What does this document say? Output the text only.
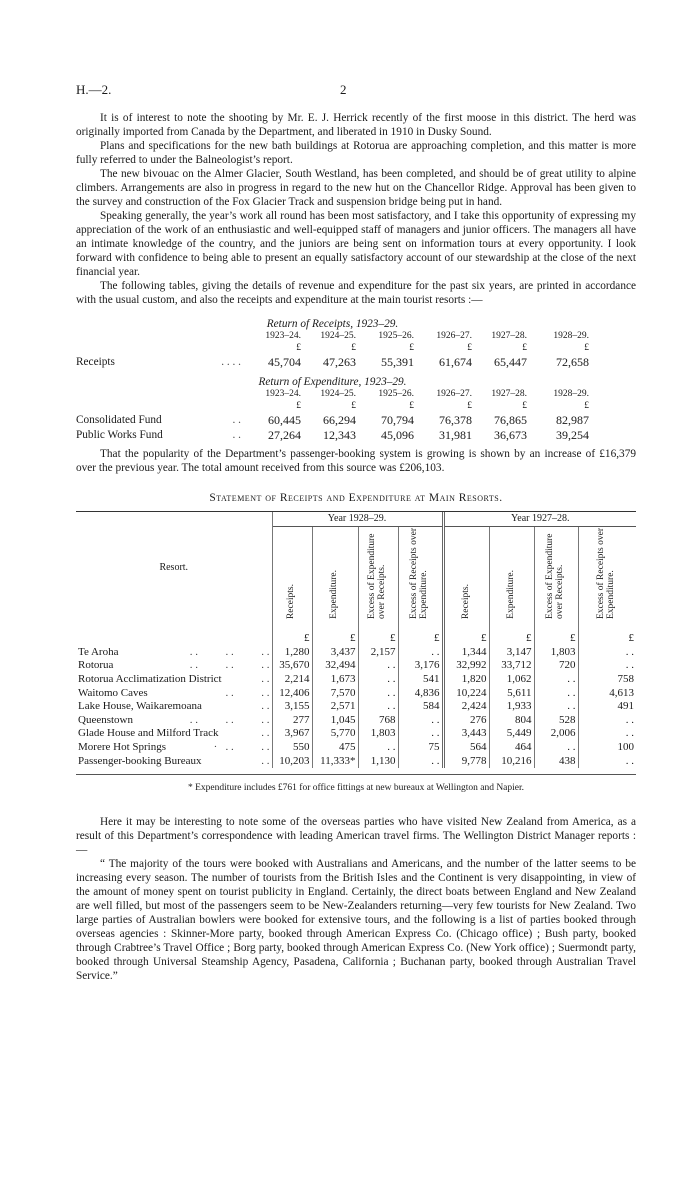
H.—2.	2

It is of interest to note the shooting by Mr. E. J. Herrick recently of the first moose in this district. The herd was originally imported from Canada by the Department, and liberated in 1910 in Dusky Sound.

Plans and specifications for the new bath buildings at Rotorua are approaching completion, and this matter is more fully referred to under the Balneologist’s report.

The new bivouac on the Almer Glacier, South Westland, has been completed, and should be of great utility to alpine climbers. Arrangements are also in progress in regard to the new hut on the Chancellor Ridge. Approval has been given to the survey and construction of the Fox Glacier Track and suspension bridge being put in hand.

Speaking generally, the year’s work all round has been most satisfactory, and I take this opportunity of expressing my appreciation of the work of an enthusiastic and well-equipped staff of managers and junior officers. The managers all have an intimate knowledge of the country, and the juniors are being sent on information tours at every opportunity. I look forward with confidence to being able to present an equally satisfactory account of our stewardship at the close of the next financial year.

The following tables, giving the details of revenue and expenditure for the past six years, are printed in accordance with the usual custom, and also the receipts and expenditure at the main tourist resorts :—

Return of Receipts, 1923–29.							
		1923–24.	1924–25.	1925–26.	1926–27.	1927–28.	1928–29.
		£	£	£	£	£	£
Receipts	. . . .	45,704	47,263	55,391	61,674	65,447	72,658
Return of Expenditure, 1923–29.							
		1923–24.	1924–25.	1925–26.	1926–27.	1927–28.	1928–29.
		£	£	£	£	£	£
Consolidated Fund	. .	60,445	66,294	70,794	76,378	76,865	82,987
Public Works Fund	. .	27,264	12,343	45,096	31,981	36,673	39,254

That the popularity of the Department’s passenger-booking system is growing is shown by an increase of £16,379 over the previous year. The total amount received from this source was £206,103.

Statement of Receipts and Expenditure at Main Resorts.

Resort.	Year 1928–29.				Year 1927–28.			
	Receipts.	Expenditure.	Excess of Expenditure over Receipts.	Excess of Receipts over Expenditure.	Receipts.	Expenditure.	Excess of Expenditure over Receipts.	Excess of Receipts over Expenditure.
	£	£	£	£	£	£	£	£
Te Aroha . .          . .          . .	1,280	3,437	2,157	. .	1,344	3,147	1,803	. .
Rotorua . .          . .          . .	35,670	32,494	. .	3,176	32,992	33,712	720	. .
Rotorua Acclimatization District . .	2,214	1,673	. .	541	1,820	1,062	. .	758
Waitomo Caves . .          . .	12,406	7,570	. .	4,836	10,224	5,611	. .	4,613
Lake House, Waikaremoana . .	3,155	2,571	. .	584	2,424	1,933	. .	491
Queenstown . .          . .          . .	277	1,045	768	. .	276	804	528	. .
Glade House and Milford Track . .	3,967	5,770	1,803	. .	3,443	5,449	2,006	. .
Morere Hot Springs ·   . .          . .	550	475	. .	75	564	464	. .	100
Passenger-booking Bureaux . .	10,203	11,333*	1,130	. .	9,778	10,216	438	. .

* Expenditure includes £761 for office fittings at new bureaux at Wellington and Napier.

Here it may be interesting to note some of the overseas parties who have visited New Zealand from America, as a result of this Department’s correspondence with leading American travel firms. The Wellington District Manager reports :—

“ The majority of the tours were booked with Australians and Americans, and the number of the latter seems to be increasing every season. The number of tourists from the British Isles and the Continent is very disappointing, in view of the amount of money spent on tourist publicity in England. Certainly, the direct boats between England and New Zealand are well filled, but most of the passengers seem to be New-Zealanders returning—very few tourists for New Zealand. Two large parties of Australian bowlers were booked for extensive tours, and the following is a list of parties booked through overseas agencies : Skinner-More party, booked through American Express Co. (Chicago office) ; Bush party, booked through Crabtree’s Travel Office ; Borg party, booked through American Express Co. (New York office) ; Suermondt party, booked through Universal Steamship Agency, Pasadena, California ; Buchanan party, booked through Australian Travel Service.”
